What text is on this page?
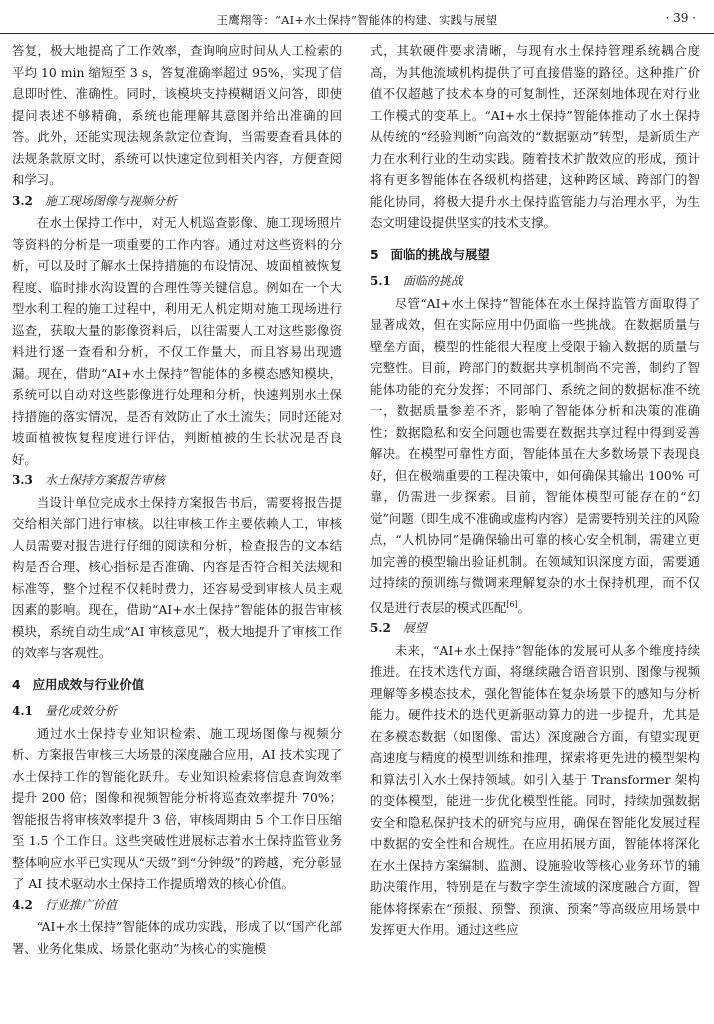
王鹰翔等：“AI+水土保持”智能体的构建、实践与展望	· 39 ·

答复，极大地提高了工作效率，查询响应时间从人工检索的平均 10 min 缩短至 3 s，答复准确率超过 95%，实现了信息即时性、准确性。同时，该模块支持模糊语义问答，即使提问表述不够精确，系统也能理解其意图并给出准确的回答。此外，还能实现法规条款定位查询，当需要查看具体的法规条款原文时，系统可以快速定位到相关内容，方便查阅和学习。

3.2 施工现场图像与视频分析

在水土保持工作中，对无人机巡查影像、施工现场照片等资料的分析是一项重要的工作内容。通过对这些资料的分析，可以及时了解水土保持措施的布设情况、坡面植被恢复程度、临时排水沟设置的合理性等关键信息。例如在一个大型水利工程的施工过程中，利用无人机定期对施工现场进行巡查，获取大量的影像资料后，以往需要人工对这些影像资料进行逐一查看和分析，不仅工作量大，而且容易出现遗漏。现在，借助“AI+水土保持”智能体的多模态感知模块，系统可以自动对这些影像进行处理和分析，快速判别水土保持措施的落实情况，是否有效防止了水土流失；同时还能对坡面植被恢复程度进行评估，判断植被的生长状况是否良好。

3.3 水土保持方案报告审核

当设计单位完成水土保持方案报告书后，需要将报告提交给相关部门进行审核。以往审核工作主要依赖人工，审核人员需要对报告进行仔细的阅读和分析，检查报告的文本结构是否合理、核心指标是否准确、内容是否符合相关法规和标准等，整个过程不仅耗时费力，还容易受到审核人员主观因素的影响。现在，借助“AI+水土保持”智能体的报告审核模块，系统自动生成“AI 审核意见”，极大地提升了审核工作的效率与客观性。

4 应用成效与行业价值
4.1 量化成效分析

通过水土保持专业知识检索、施工现场图像与视频分析、方案报告审核三大场景的深度融合应用，AI 技术实现了水土保持工作的智能化跃升。专业知识检索将信息查询效率提升 200 倍；图像和视频智能分析将巡查效率提升 70%；智能报告将审核效率提升 3 倍，审核周期由 5 个工作日压缩至 1.5 个工作日。这些突破性进展标志着水土保持监管业务整体响应水平已实现从“天级”到“分钟级”的跨越，充分彰显了 AI 技术驱动水土保持工作提质增效的核心价值。

4.2 行业推广价值

“AI+水土保持”智能体的成功实践，形成了以“国产化部署、业务化集成、场景化驱动”为核心的实施模

式，其软硬件要求清晰，与现有水土保持管理系统耦合度高，为其他流域机构提供了可直接借鉴的路径。这种推广价值不仅超越了技术本身的可复制性，还深刻地体现在对行业工作模式的变革上。“AI+水土保持”智能体推动了水土保持从传统的“经验判断”向高效的“数据驱动”转型，是新质生产力在水利行业的生动实践。随着技术扩散效应的形成，预计将有更多智能体在各级机构搭建，这种跨区域、跨部门的智能化协同，将极大提升水土保持监管能力与治理水平，为生态文明建设提供坚实的技术支撑。

5 面临的挑战与展望
5.1 面临的挑战

尽管“AI+水土保持”智能体在水土保持监管方面取得了显著成效，但在实际应用中仍面临一些挑战。在数据质量与壁垒方面，模型的性能很大程度上受限于输入数据的质量与完整性。目前，跨部门的数据共享机制尚不完善，制约了智能体功能的充分发挥；不同部门、系统之间的数据标准不统一，数据质量参差不齐，影响了智能体分析和决策的准确性；数据隐私和安全问题也需要在数据共享过程中得到妥善解决。在模型可靠性方面，智能体虽在大多数场景下表现良好，但在极端重要的工程决策中，如何确保其输出 100% 可靠，仍需进一步探索。目前，智能体模型可能存在的“幻觉”问题（即生成不准确或虚构内容）是需要特别关注的风险点，“人机协同”是确保输出可靠的核心安全机制，需建立更加完善的模型输出验证机制。在领域知识深度方面，需要通过持续的预训练与微调来理解复杂的水土保持机理，而不仅仅是进行表层的模式匹配[6]。

5.2 展望

未来，“AI+水土保持”智能体的发展可从多个维度持续推进。在技术迭代方面，将继续融合语音识别、图像与视频理解等多模态技术，强化智能体在复杂场景下的感知与分析能力。硬件技术的迭代更新驱动算力的进一步提升，尤其是在多模态数据（如图像、雷达）深度融合方面，有望实现更高速度与精度的模型训练和推理，探索将更先进的模型架构和算法引入水土保持领域。如引入基于 Transformer 架构的变体模型，能进一步优化模型性能。同时，持续加强数据安全和隐私保护技术的研究与应用，确保在智能化发展过程中数据的安全性和合规性。在应用拓展方面，智能体将深化在水土保持方案编制、监测、设施验收等核心业务环节的辅助决策作用，特别是在与数字孪生流域的深度融合方面，智能体将探索在“预报、预警、预演、预案”等高级应用场景中发挥更大作用。通过这些应
